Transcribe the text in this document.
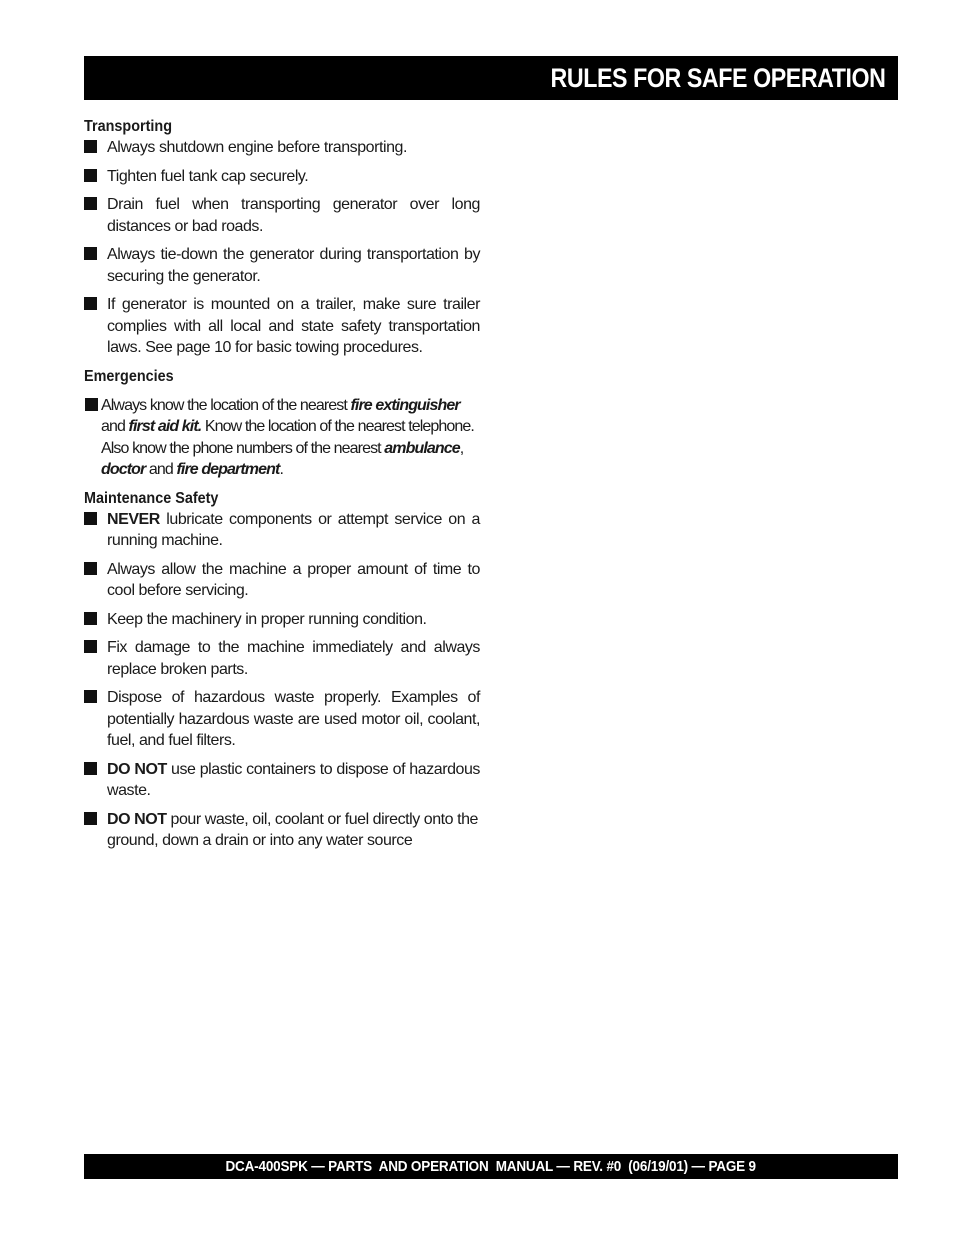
RULES FOR SAFE OPERATION
Transporting
Always shutdown engine before transporting.
Tighten fuel tank cap securely.
Drain fuel when transporting generator over long distances or bad roads.
Always tie-down the generator during transportation by securing the generator.
If generator is mounted on a trailer, make sure trailer complies with all local and state safety transportation laws. See page 10 for basic towing procedures.
Emergencies

Always know the location of the nearest fire extinguisher
and first aid kit. Know the location of the nearest telephone. Also know the phone numbers of the nearest ambulance, doctor and fire department.

Maintenance Safety
NEVER lubricate components or attempt service on a running machine.
Always allow the machine a proper amount of time to cool before servicing.
Keep the machinery in proper running condition.
Fix damage to the machine immediately and always replace broken parts.
Dispose of hazardous waste properly. Examples of potentially hazardous waste are used motor oil, coolant, fuel, and fuel filters.
DO NOT use plastic containers to dispose of hazardous waste.
DO NOT pour waste, oil, coolant or fuel directly onto the ground, down a drain or into any water source
DCA-400SPK — PARTS  AND OPERATION  MANUAL — REV. #0  (06/19/01) — PAGE 9
